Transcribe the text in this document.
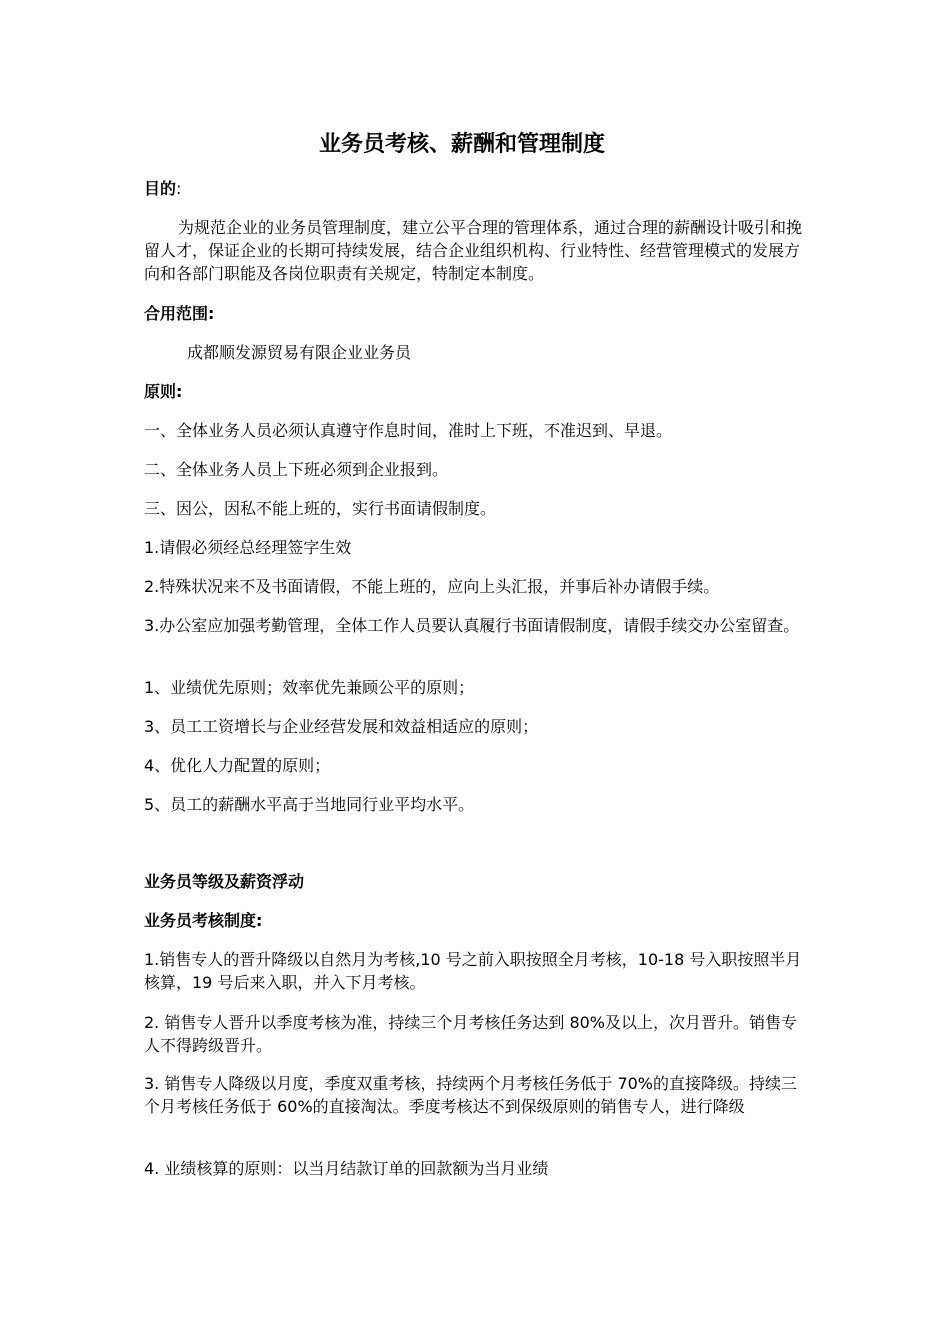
业务员考核、薪酬和管理制度

目的:

为规范企业的业务员管理制度，建立公平合理的管理体系，通过合理的薪酬设计吸引和挽留人才，保证企业的长期可持续发展，结合企业组织机构、行业特性、经营管理模式的发展方向和各部门职能及各岗位职责有关规定，特制定本制度。

合用范围:

成都顺发源贸易有限企业业务员

原则:

一、全体业务人员必须认真遵守作息时间，准时上下班，不准迟到、早退。

二、全体业务人员上下班必须到企业报到。

三、因公，因私不能上班的，实行书面请假制度。

1.请假必须经总经理签字生效

2.特殊状况来不及书面请假，不能上班的，应向上头汇报，并事后补办请假手续。

3.办公室应加强考勤管理，全体工作人员要认真履行书面请假制度，请假手续交办公室留查。

1、业绩优先原则；效率优先兼顾公平的原则；

3、员工工资增长与企业经营发展和效益相适应的原则；

4、优化人力配置的原则；

5、员工的薪酬水平高于当地同行业平均水平。

业务员等级及薪资浮动

业务员考核制度:

1.销售专人的晋升降级以自然月为考核,10 号之前入职按照全月考核，10-18 号入职按照半月核算，19 号后来入职，并入下月考核。

2. 销售专人晋升以季度考核为准，持续三个月考核任务达到 80%及以上，次月晋升。销售专人不得跨级晋升。

3. 销售专人降级以月度，季度双重考核，持续两个月考核任务低于 70%的直接降级。持续三个月考核任务低于 60%的直接淘汰。季度考核达不到保级原则的销售专人，进行降级

4. 业绩核算的原则：以当月结款订单的回款额为当月业绩
